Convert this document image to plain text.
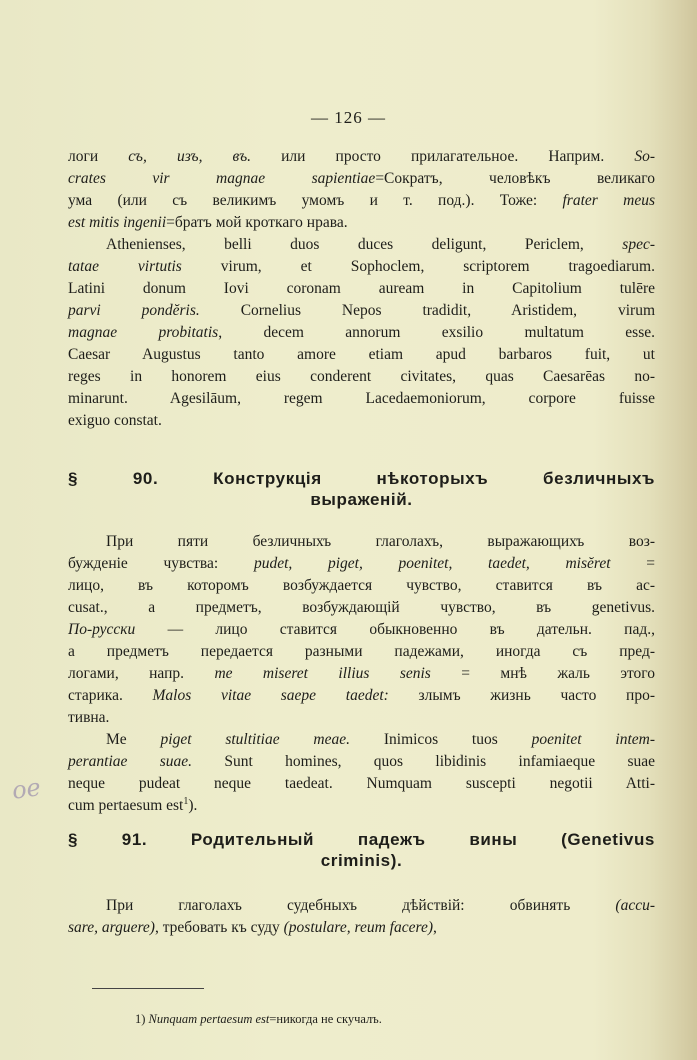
— 126 —
ое
логи съ, изъ, въ. или просто прилагательное. Наприм. So-
crates vir magnae sapientiae=Сократъ, человѣкъ великаго
ума (или съ великимъ умомъ и т. под.). Тоже: frater meus
est mitis ingenii=братъ мой кроткаго нрава.
Athenienses, belli duos duces deligunt, Periclem, spec-
tatae virtutis virum, et Sophoclem, scriptorem tragoediarum.
Latini donum Iovi coronam auream in Capitolium tulēre
parvi pondĕris. Cornelius Nepos tradidit, Aristidem, virum
magnae probitatis, decem annorum exsilio multatum esse.
Caesar Augustus tanto amore etiam apud barbaros fuit, ut
reges in honorem eius conderent civitates, quas Caesarēas no-
minarunt. Agesilāum, regem Lacedaemoniorum, corpore fuisse
exiguo constat.
§ 90. Конструкція нѣкоторыхъ безличныхъ
выраженій.
При пяти безличныхъ глаголахъ, выражающихъ воз-
бужденіе чувства: pudet, piget, poenitet, taedet, misĕret =
лицо, въ которомъ возбуждается чувство, ставится въ ac-
cusat., а предметъ, возбуждающій чувство, въ genetivus.
По-русски — лицо ставится обыкновенно въ дательн. пад.,
а предметъ передается разными падежами, иногда съ пред-
логами, напр. me miseret illius senis = мнѣ жаль этого
старика. Malos vitae saepe taedet: злымъ жизнь часто про-
тивна.
Me piget stultitiae meae. Inimicos tuos poenitet intem-
perantiae suae. Sunt homines, quos libidinis infamiaeque suae
neque pudeat neque taedeat. Numquam suscepti negotii Atti-
cum pertaesum est$^1$).
§ 91. Родительный падежъ вины (Genetivus
criminis).
При глаголахъ судебныхъ дѣйствій: обвинять (accu-
sare, arguere), требовать къ суду (postulare, reum facere),
1) Nunquam pertaesum est=никогда не скучалъ.
